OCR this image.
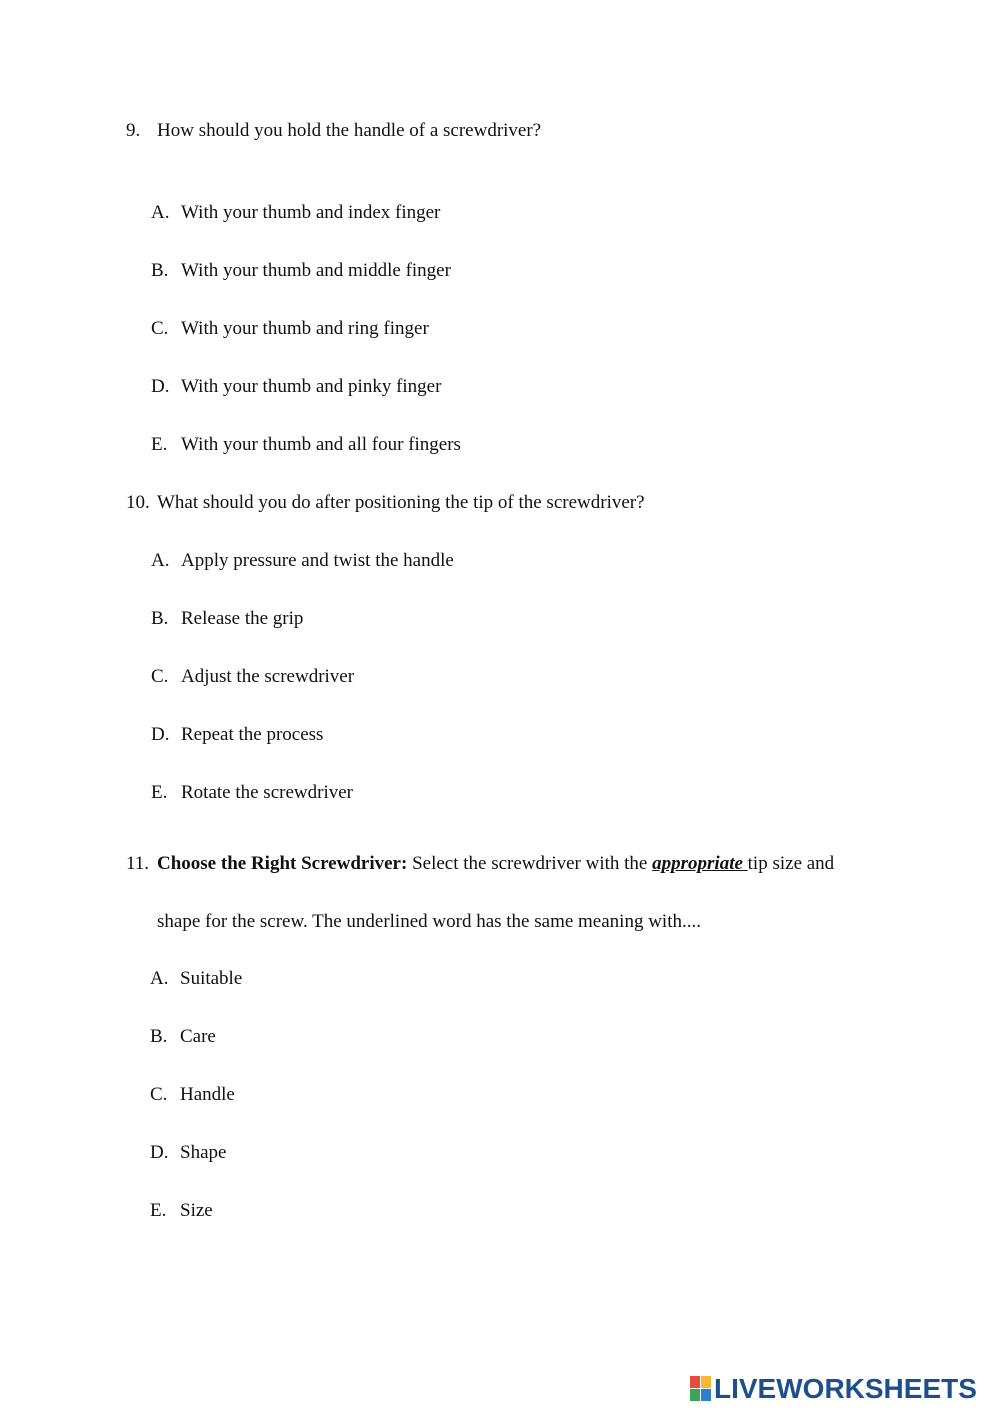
9. How should you hold the handle of a screwdriver?
A. With your thumb and index finger
B. With your thumb and middle finger
C. With your thumb and ring finger
D. With your thumb and pinky finger
E. With your thumb and all four fingers
10. What should you do after positioning the tip of the screwdriver?
A. Apply pressure and twist the handle
B. Release the grip
C. Adjust the screwdriver
D. Repeat the process
E. Rotate the screwdriver
11. Choose the Right Screwdriver: Select the screwdriver with the appropriate tip size and
shape for the screw. The underlined word has the same meaning with....
A. Suitable
B. Care
C. Handle
D. Shape
E. Size
LIVEWORKSHEETS
